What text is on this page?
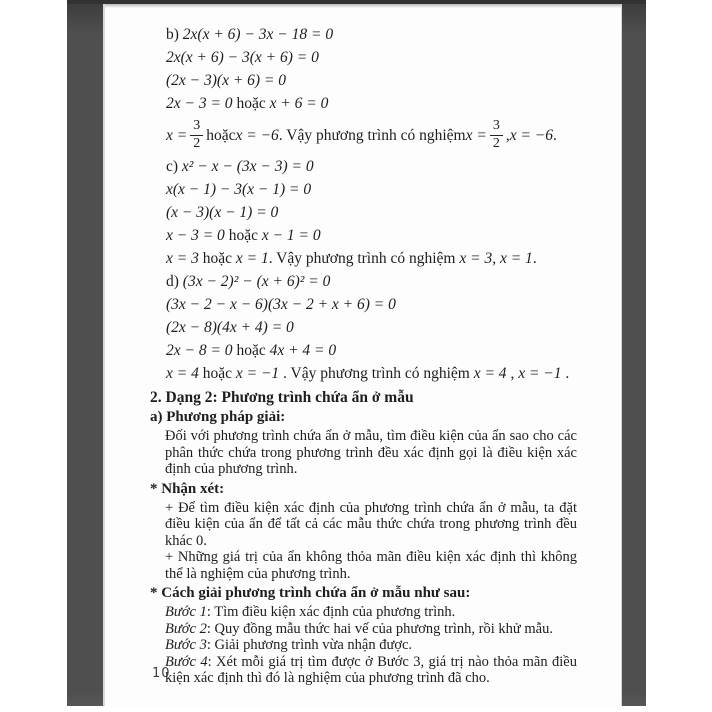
b) 2x(x + 6) − 3x − 18 = 0
2x(x + 6) − 3(x + 6) = 0
(2x − 3)(x + 6) = 0
2x − 3 = 0 hoặc x + 6 = 0
$x = \frac{3}{2}$ hoặc x = −6 . Vậy phương trình có nghiệm $x = \frac{3}{2}$ , x = −6 .
c) x² − x − (3x − 3) = 0
x(x − 1) − 3(x − 1) = 0
(x − 3)(x − 1) = 0
x − 3 = 0 hoặc x − 1 = 0
x = 3 hoặc x = 1. Vậy phương trình có nghiệm x = 3, x = 1.
d) (3x − 2)² − (x + 6)² = 0
(3x − 2 − x − 6)(3x − 2 + x + 6) = 0
(2x − 8)(4x + 4) = 0
2x − 8 = 0 hoặc 4x + 4 = 0
x = 4 hoặc x = −1 . Vậy phương trình có nghiệm x = 4 , x = −1 .
2. Dạng 2: Phương trình chứa ẩn ở mẫu
a) Phương pháp giải:

Đối với phương trình chứa ẩn ở mẫu, tìm điều kiện của ẩn sao cho các phân thức chứa trong phương trình đều xác định gọi là điều kiện xác định của phương trình.

* Nhận xét:

+ Để tìm điều kiện xác định của phương trình chứa ẩn ở mẫu, ta đặt điều kiện của ẩn để tất cả các mẫu thức chứa trong phương trình đều khác 0.

+ Những giá trị của ẩn không thỏa mãn điều kiện xác định thì không thể là nghiệm của phương trình.

* Cách giải phương trình chứa ẩn ở mẫu như sau:

Bước 1: Tìm điều kiện xác định của phương trình.

Bước 2: Quy đồng mẫu thức hai vế của phương trình, rồi khử mẫu.

Bước 3: Giải phương trình vừa nhận được.

Bước 4: Xét mỗi giá trị tìm được ở Bước 3, giá trị nào thỏa mãn điều kiện xác định thì đó là nghiệm của phương trình đã cho.

10
